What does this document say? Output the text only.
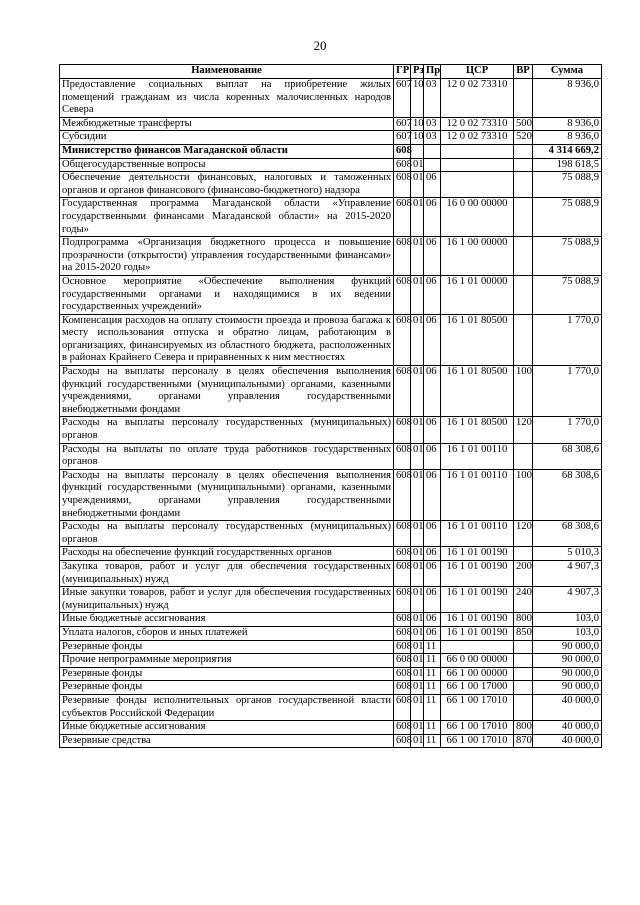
20
Наименование	ГР	Рз	Пр	ЦСР	ВР	Сумма
Предоставление социальных выплат на приобретение жилых помещений гражданам из числа коренных малочисленных народов Севера	607	10	03	12 0 02 73310		8 936,0
Межбюджетные трансферты	607	10	03	12 0 02 73310	500	8 936,0
Субсидии	607	10	03	12 0 02 73310	520	8 936,0
Министерство финансов Магаданской области	608					4 314 669,2
Общегосударственные вопросы	608	01				198 618,5
Обеспечение деятельности финансовых, налоговых и таможенных органов и органов финансового (финансово-бюджетного) надзора	608	01	06			75 088,9
Государственная программа Магаданской области «Управление государственными финансами Магаданской области» на 2015-2020 годы»	608	01	06	16 0 00 00000		75 088,9
Подпрограмма «Организация бюджетного процесса и повышение прозрачности (открытости) управления государственными финансами» на 2015-2020 годы»	608	01	06	16 1 00 00000		75 088,9
Основное мероприятие «Обеспечение выполнения функций государственными органами и находящимися в их ведении государственных учреждений»	608	01	06	16 1 01 00000		75 088,9
Компенсация расходов на оплату стоимости проезда и провоза багажа к месту использования отпуска и обратно лицам, работающим в организациях, финансируемых из областного бюджета, расположенных в районах Крайнего Севера и приравненных к ним местностях	608	01	06	16 1 01 80500		1 770,0
Расходы на выплаты персоналу в целях обеспечения выполнения функций государственными (муниципальными) органами, казенными учреждениями, органами управления государственными внебюджетными фондами	608	01	06	16 1 01 80500	100	1 770,0
Расходы на выплаты персоналу государственных (муниципальных) органов	608	01	06	16 1 01 80500	120	1 770,0
Расходы на выплаты по оплате труда работников государственных органов	608	01	06	16 1 01 00110		68 308,6
Расходы на выплаты персоналу в целях обеспечения выполнения функций государственными (муниципальными) органами, казенными учреждениями, органами управления государственными внебюджетными фондами	608	01	06	16 1 01 00110	100	68 308,6
Расходы на выплаты персоналу государственных (муниципальных) органов	608	01	06	16 1 01 00110	120	68 308,6
Расходы на обеспечение функций государственных органов	608	01	06	16 1 01 00190		5 010,3
Закупка товаров, работ и услуг для обеспечения государственных (муниципальных) нужд	608	01	06	16 1 01 00190	200	4 907,3
Иные закупки товаров, работ и услуг для обеспечения государственных (муниципальных) нужд	608	01	06	16 1 01 00190	240	4 907,3
Иные бюджетные ассигнования	608	01	06	16 1 01 00190	800	103,0
Уплата налогов, сборов и иных платежей	608	01	06	16 1 01 00190	850	103,0
Резервные фонды	608	01	11			90 000,0
Прочие непрограммные мероприятия	608	01	11	66 0 00 00000		90 000,0
Резервные фонды	608	01	11	66 1 00 00000		90 000,0
Резервные фонды	608	01	11	66 1 00 17000		90 000,0
Резервные фонды исполнительных органов государственной власти субъектов Российской Федерации	608	01	11	66 1 00 17010		40 000,0
Иные бюджетные ассигнования	608	01	11	66 1 00 17010	800	40 000,0
Резервные средства	608	01	11	66 1 00 17010	870	40 000,0
